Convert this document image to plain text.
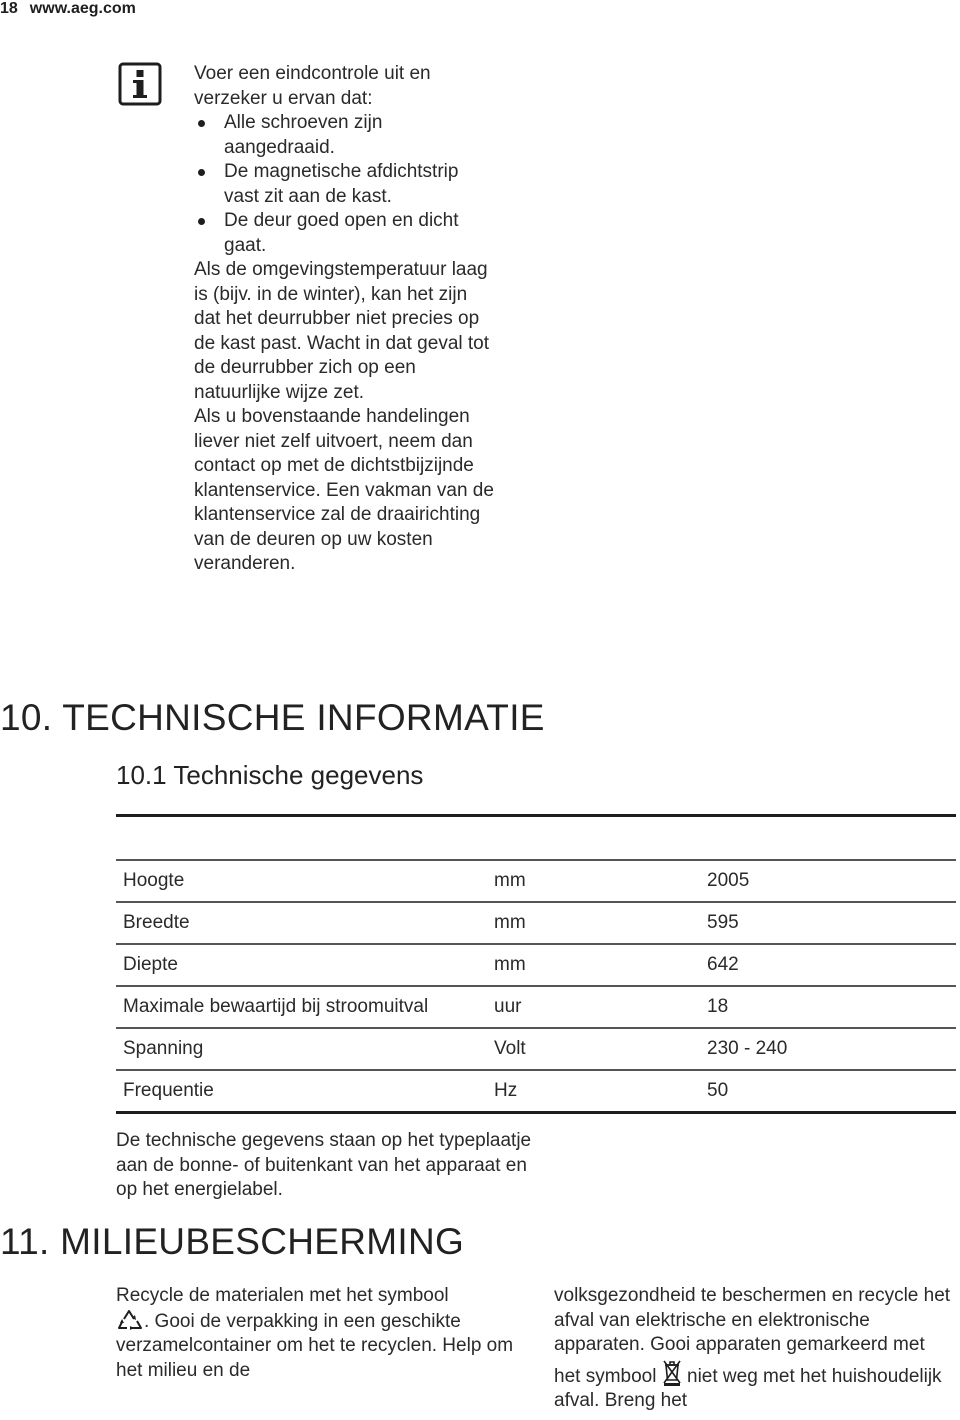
18 www.aeg.com

Voer een eindcontrole uit en verzeker u ervan dat:

Alle schroeven zijn aangedraaid.
De magnetische afdichtstrip vast zit aan de kast.
De deur goed open en dicht gaat.

Als de omgevingstemperatuur laag is (bijv. in de winter), kan het zijn dat het deurrubber niet precies op de kast past. Wacht in dat geval tot de deurrubber zich op een natuurlijke wijze zet.

Als u bovenstaande handelingen liever niet zelf uitvoert, neem dan contact op met de dichtstbijzijnde klantenservice. Een vakman van de klantenservice zal de draairichting van de deuren op uw kosten veranderen.

10. TECHNISCHE INFORMATIE
10.1 Technische gegevens

Hoogte	mm	2005
Breedte	mm	595
Diepte	mm	642
Maximale bewaartijd bij stroomuitval	uur	18
Spanning	Volt	230 - 240
Frequentie	Hz	50

De technische gegevens staan op het typeplaatje aan de bonne- of buitenkant van het apparaat en op het energielabel.

11. MILIEUBESCHERMING

Recycle de materialen met het symbool
. Gooi de verpakking in een geschikte verzamelcontainer om het te recyclen. Help om het milieu en de

volksgezondheid te beschermen en recycle het afval van elektrische en elektronische apparaten. Gooi apparaten gemarkeerd met het symbool niet weg met het huishoudelijk afval. Breng het
